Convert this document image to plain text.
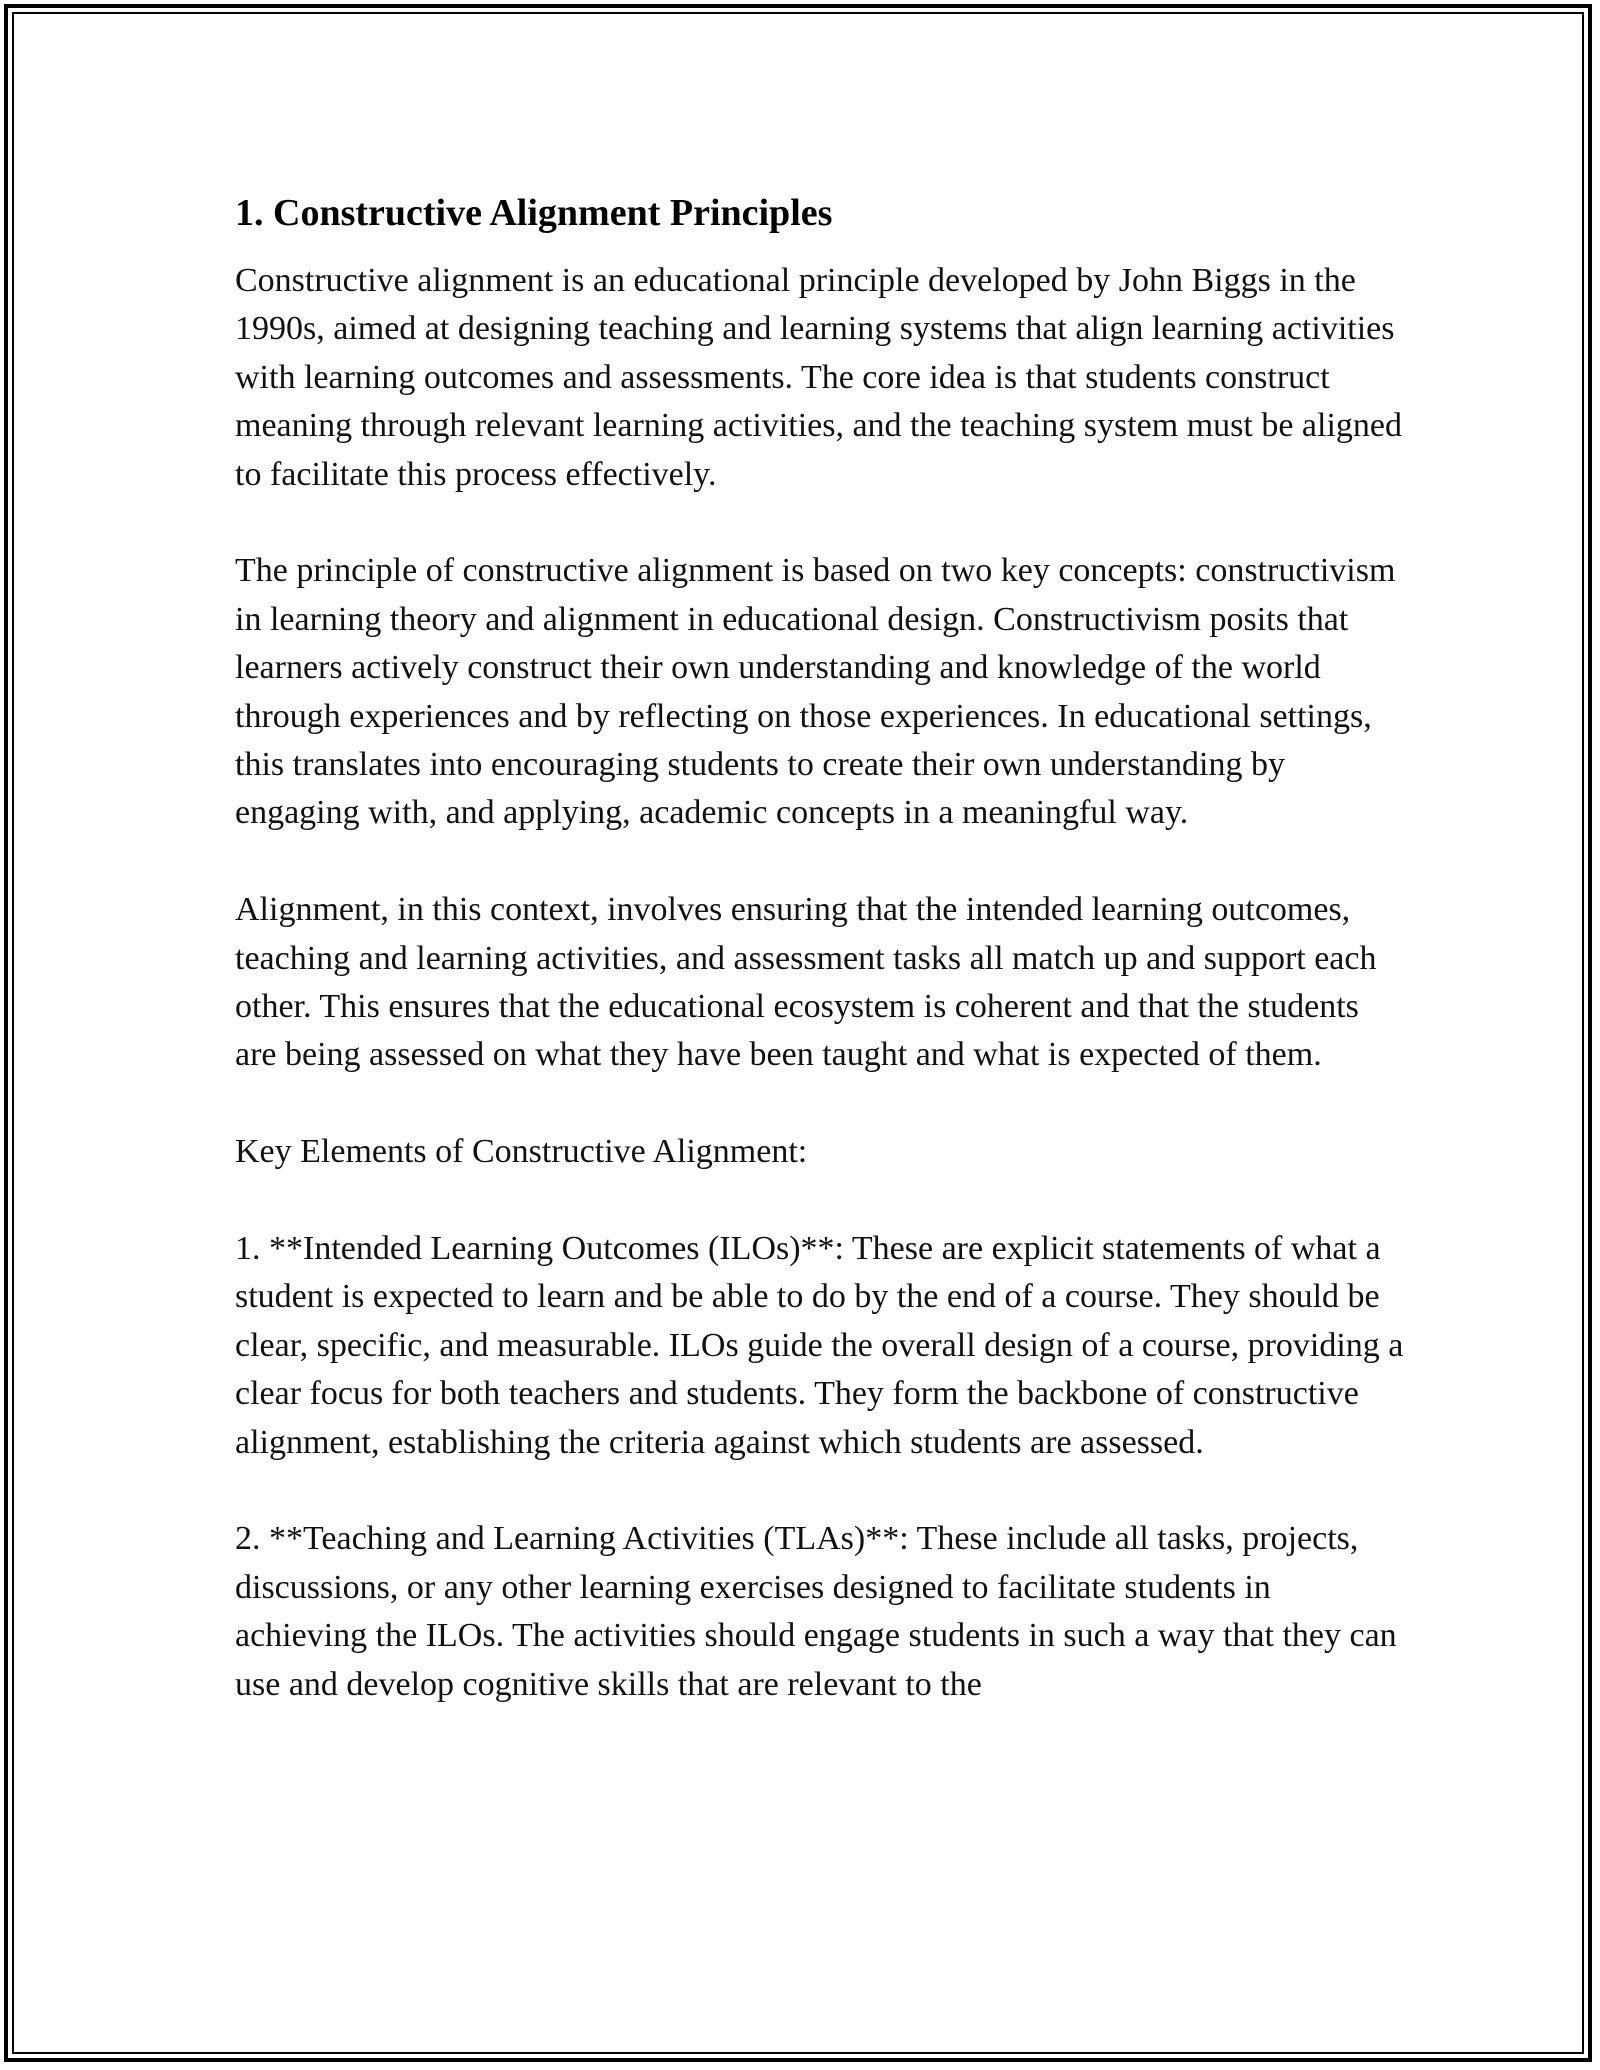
1. Constructive Alignment Principles

Constructive alignment is an educational principle developed by John Biggs in the 1990s, aimed at designing teaching and learning systems that align learning activities with learning outcomes and assessments. The core idea is that students construct meaning through relevant learning activities, and the teaching system must be aligned to facilitate this process effectively.

The principle of constructive alignment is based on two key concepts: constructivism in learning theory and alignment in educational design. Constructivism posits that learners actively construct their own understanding and knowledge of the world through experiences and by reflecting on those experiences. In educational settings, this translates into encouraging students to create their own understanding by engaging with, and applying, academic concepts in a meaningful way.

Alignment, in this context, involves ensuring that the intended learning outcomes, teaching and learning activities, and assessment tasks all match up and support each other. This ensures that the educational ecosystem is coherent and that the students are being assessed on what they have been taught and what is expected of them.

Key Elements of Constructive Alignment:

1. **Intended Learning Outcomes (ILOs)**: These are explicit statements of what a student is expected to learn and be able to do by the end of a course. They should be clear, specific, and measurable. ILOs guide the overall design of a course, providing a clear focus for both teachers and students. They form the backbone of constructive alignment, establishing the criteria against which students are assessed.

2. **Teaching and Learning Activities (TLAs)**: These include all tasks, projects, discussions, or any other learning exercises designed to facilitate students in achieving the ILOs. The activities should engage students in such a way that they can use and develop cognitive skills that are relevant to the
